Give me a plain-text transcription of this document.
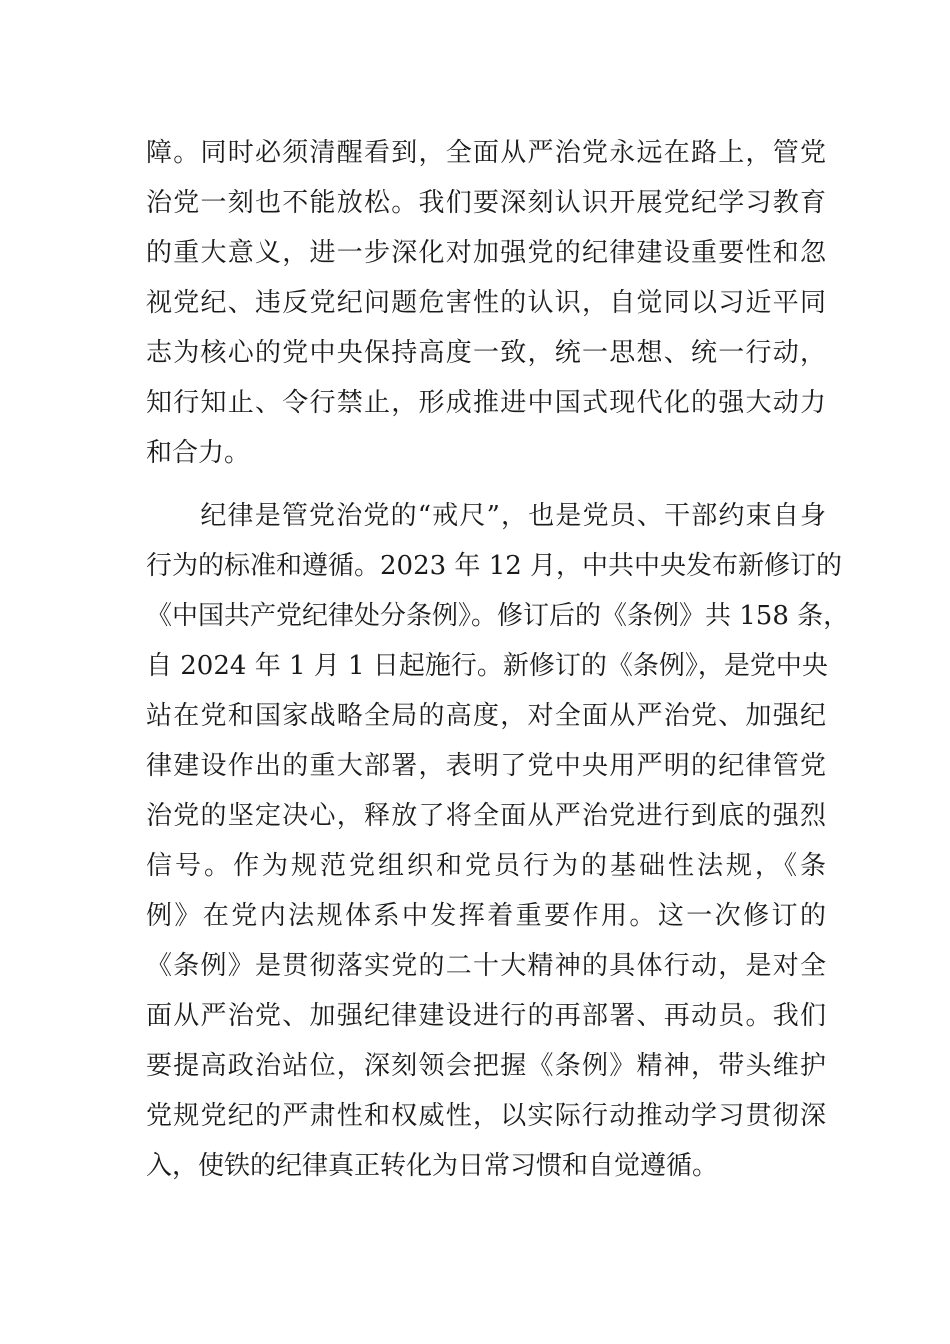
障。同时必须清醒看到，全面从严治党永远在路上，管党
治党一刻也不能放松。我们要深刻认识开展党纪学习教育
的重大意义，进一步深化对加强党的纪律建设重要性和忽
视党纪、违反党纪问题危害性的认识，自觉同以习近平同
志为核心的党中央保持高度一致，统一思想、统一行动，
知行知止、令行禁止，形成推进中国式现代化的强大动力
和合力。
　　纪律是管党治党的“戒尺”，也是党员、干部约束自身
行为的标准和遵循。2023 年 12 月，中共中央发布新修订的
《中国共产党纪律处分条例》。修订后的《条例》共 158 条，
自 2024 年 1 月 1 日起施行。新修订的《条例》，是党中央
站在党和国家战略全局的高度，对全面从严治党、加强纪
律建设作出的重大部署，表明了党中央用严明的纪律管党
治党的坚定决心，释放了将全面从严治党进行到底的强烈
信号。作为规范党组织和党员行为的基础性法规，《条
例》在党内法规体系中发挥着重要作用。这一次修订的
《条例》是贯彻落实党的二十大精神的具体行动，是对全
面从严治党、加强纪律建设进行的再部署、再动员。我们
要提高政治站位，深刻领会把握《条例》精神，带头维护
党规党纪的严肃性和权威性，以实际行动推动学习贯彻深
入，使铁的纪律真正转化为日常习惯和自觉遵循。
